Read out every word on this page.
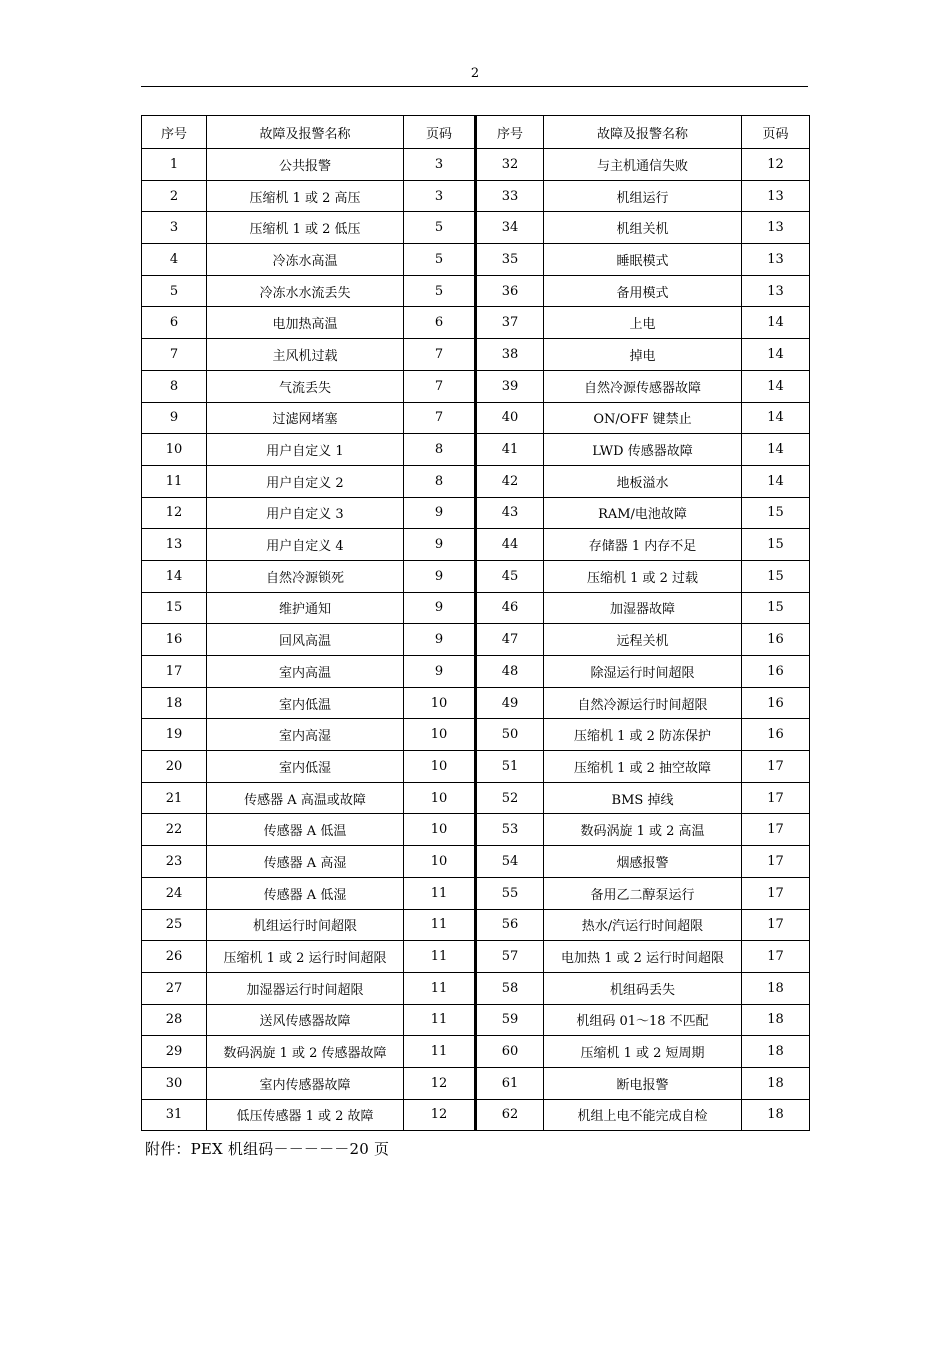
2
序号	故障及报警名称	页码	序号	故障及报警名称	页码
1	公共报警	3	32	与主机通信失败	12
2	压缩机 1 或 2 高压	3	33	机组运行	13
3	压缩机 1 或 2 低压	5	34	机组关机	13
4	冷冻水高温	5	35	睡眠模式	13
5	冷冻水水流丢失	5	36	备用模式	13
6	电加热高温	6	37	上电	14
7	主风机过载	7	38	掉电	14
8	气流丢失	7	39	自然冷源传感器故障	14
9	过滤网堵塞	7	40	ON/OFF 键禁止	14
10	用户自定义 1	8	41	LWD 传感器故障	14
11	用户自定义 2	8	42	地板溢水	14
12	用户自定义 3	9	43	RAM/电池故障	15
13	用户自定义 4	9	44	存储器 1 内存不足	15
14	自然冷源锁死	9	45	压缩机 1 或 2 过载	15
15	维护通知	9	46	加湿器故障	15
16	回风高温	9	47	远程关机	16
17	室内高温	9	48	除湿运行时间超限	16
18	室内低温	10	49	自然冷源运行时间超限	16
19	室内高湿	10	50	压缩机 1 或 2 防冻保护	16
20	室内低湿	10	51	压缩机 1 或 2 抽空故障	17
21	传感器 A 高温或故障	10	52	BMS 掉线	17
22	传感器 A 低温	10	53	数码涡旋 1 或 2 高温	17
23	传感器 A 高湿	10	54	烟感报警	17
24	传感器 A 低湿	11	55	备用乙二醇泵运行	17
25	机组运行时间超限	11	56	热水/汽运行时间超限	17
26	压缩机 1 或 2 运行时间超限	11	57	电加热 1 或 2 运行时间超限	17
27	加湿器运行时间超限	11	58	机组码丢失	18
28	送风传感器故障	11	59	机组码 01～18 不匹配	18
29	数码涡旋 1 或 2 传感器故障	11	60	压缩机 1 或 2 短周期	18
30	室内传感器故障	12	61	断电报警	18
31	低压传感器 1 或 2 故障	12	62	机组上电不能完成自检	18
附件：PEX 机组码－－－－－20 页
